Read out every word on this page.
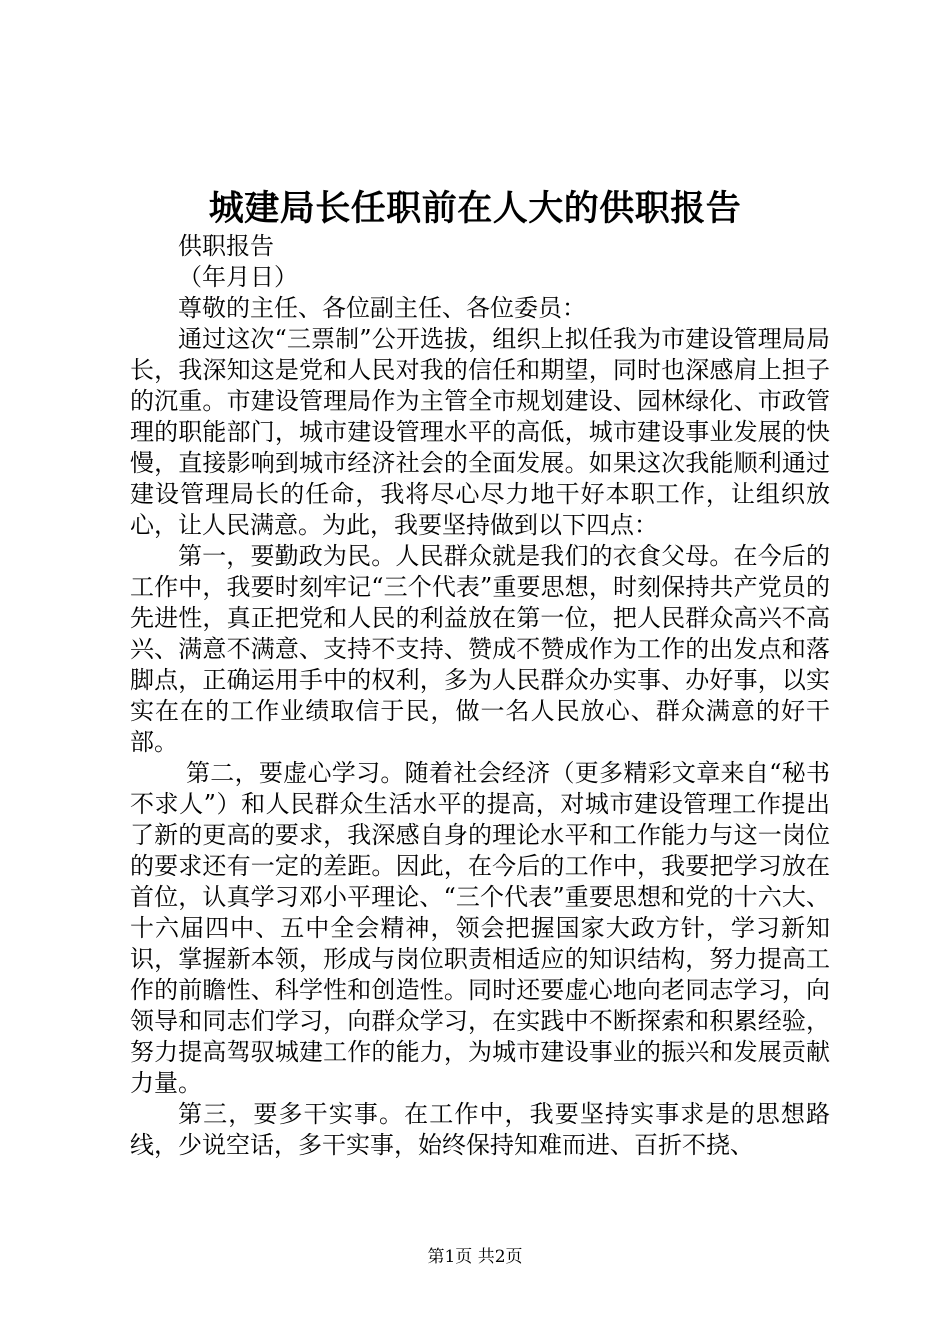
城建局长任职前在人大的供职报告

供职报告

（年月日）

尊敬的主任、各位副主任、各位委员：

通过这次“三票制”公开选拔，组织上拟任我为市建设管理局局长，我深知这是党和人民对我的信任和期望，同时也深感肩上担子的沉重。市建设管理局作为主管全市规划建设、园林绿化、市政管理的职能部门，城市建设管理水平的高低，城市建设事业发展的快慢，直接影响到城市经济社会的全面发展。如果这次我能顺利通过建设管理局长的任命，我将尽心尽力地干好本职工作，让组织放心，让人民满意。为此，我要坚持做到以下四点：

第一，要勤政为民。人民群众就是我们的衣食父母。在今后的工作中，我要时刻牢记“三个代表”重要思想，时刻保持共产党员的先进性，真正把党和人民的利益放在第一位，把人民群众高兴不高兴、满意不满意、支持不支持、赞成不赞成作为工作的出发点和落脚点，正确运用手中的权利，多为人民群众办实事、办好事，以实实在在的工作业绩取信于民，做一名人民放心、群众满意的好干部。

第二，要虚心学习。随着社会经济（更多精彩文章来自“秘书不求人”）和人民群众生活水平的提高，对城市建设管理工作提出了新的更高的要求，我深感自身的理论水平和工作能力与这一岗位的要求还有一定的差距。因此，在今后的工作中，我要把学习放在首位，认真学习邓小平理论、“三个代表”重要思想和党的十六大、十六届四中、五中全会精神，领会把握国家大政方针，学习新知识，掌握新本领，形成与岗位职责相适应的知识结构，努力提高工作的前瞻性、科学性和创造性。同时还要虚心地向老同志学习，向领导和同志们学习，向群众学习，在实践中不断探索和积累经验，努力提高驾驭城建工作的能力，为城市建设事业的振兴和发展贡献力量。

第三，要多干实事。在工作中，我要坚持实事求是的思想路线，少说空话，多干实事，始终保持知难而进、百折不挠、

第1页 共2页
